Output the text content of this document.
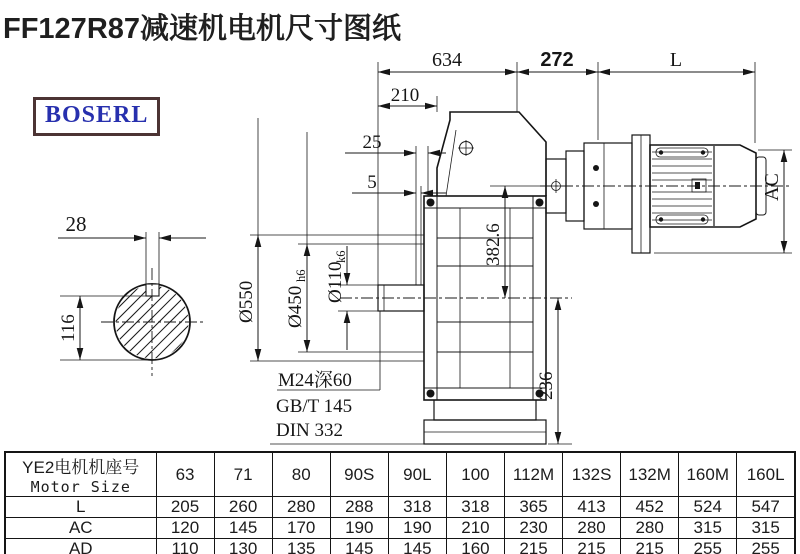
FF127R87减速机电机尺寸图纸
BOSERL
634	272	L
210
25
5
Ø550 Ø450
h6 Ø110
k6	382.6
236
AC
28
116
M24深60
GB/T 145
DIN 332
YE2电机机座号
Motor Size	63	71	80	90S	90L	100	112M	132S	132M	160M	160L
L	205	260	280	288	318	318	365	413	452	524	547
AC	120	145	170	190	190	210	230	280	280	315	315
AD	110	130	135	145	145	160	215	215	215	255	255
